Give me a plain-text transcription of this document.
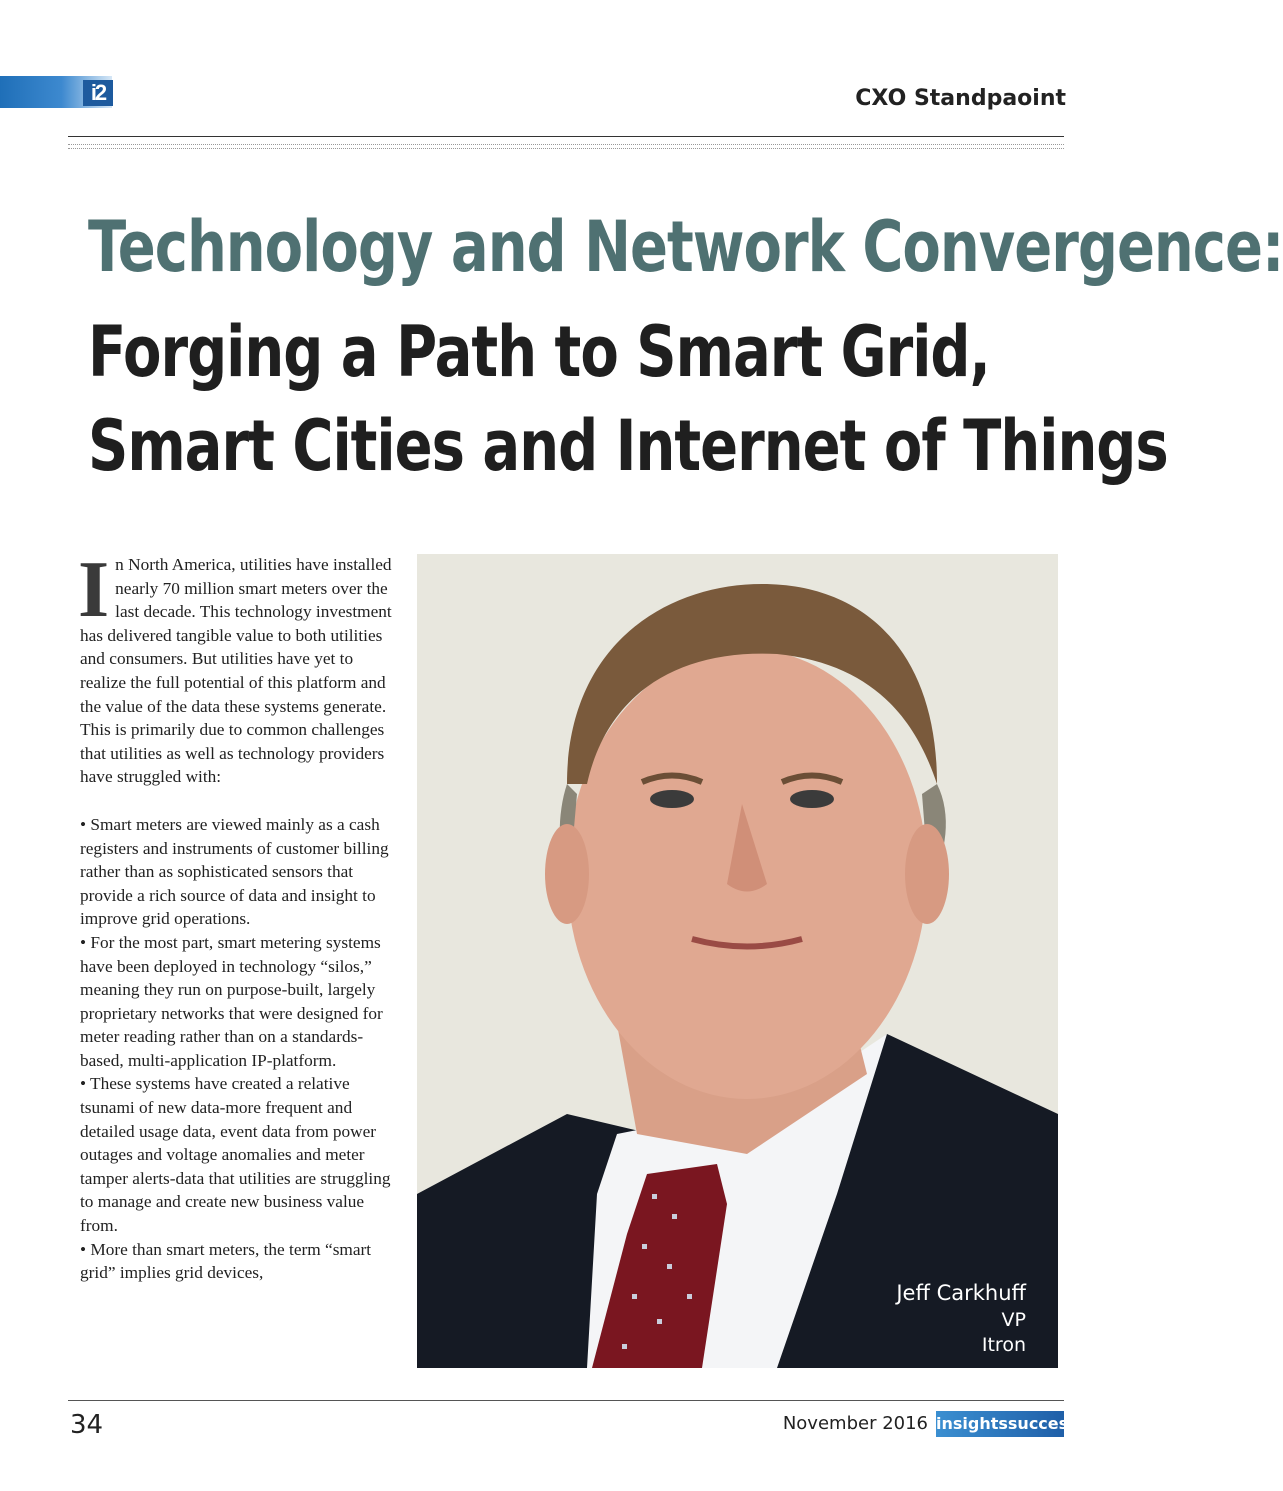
i2	CXO Standpaoint
Technology and Network Convergence:
Forging a Path to Smart Grid,
Smart Cities and Internet of Things

In North America, utilities have installed nearly 70 million smart meters over the last decade. This technology investment has delivered tangible value to both utilities and consumers. But utilities have yet to realize the full potential of this platform and the value of the data these systems generate. This is primarily due to common challenges that utilities as well as technology providers have struggled with:

• Smart meters are viewed mainly as a cash registers and instruments of customer billing rather than as sophisticated sensors that provide a rich source of data and insight to improve grid operations.

• For the most part, smart metering systems have been deployed in technology “silos,” meaning they run on purpose-built, largely proprietary networks that were designed for meter reading rather than on a standards-based, multi-application IP-platform.

• These systems have created a relative tsunami of new data-more frequent and detailed usage data, event data from power outages and voltage anomalies and meter tamper alerts-data that utilities are struggling to manage and create new business value from.

• More than smart meters, the term “smart grid” implies grid devices,

Jeff Carkhuff
VP
Itron
34	November 2016 insightssuccess
